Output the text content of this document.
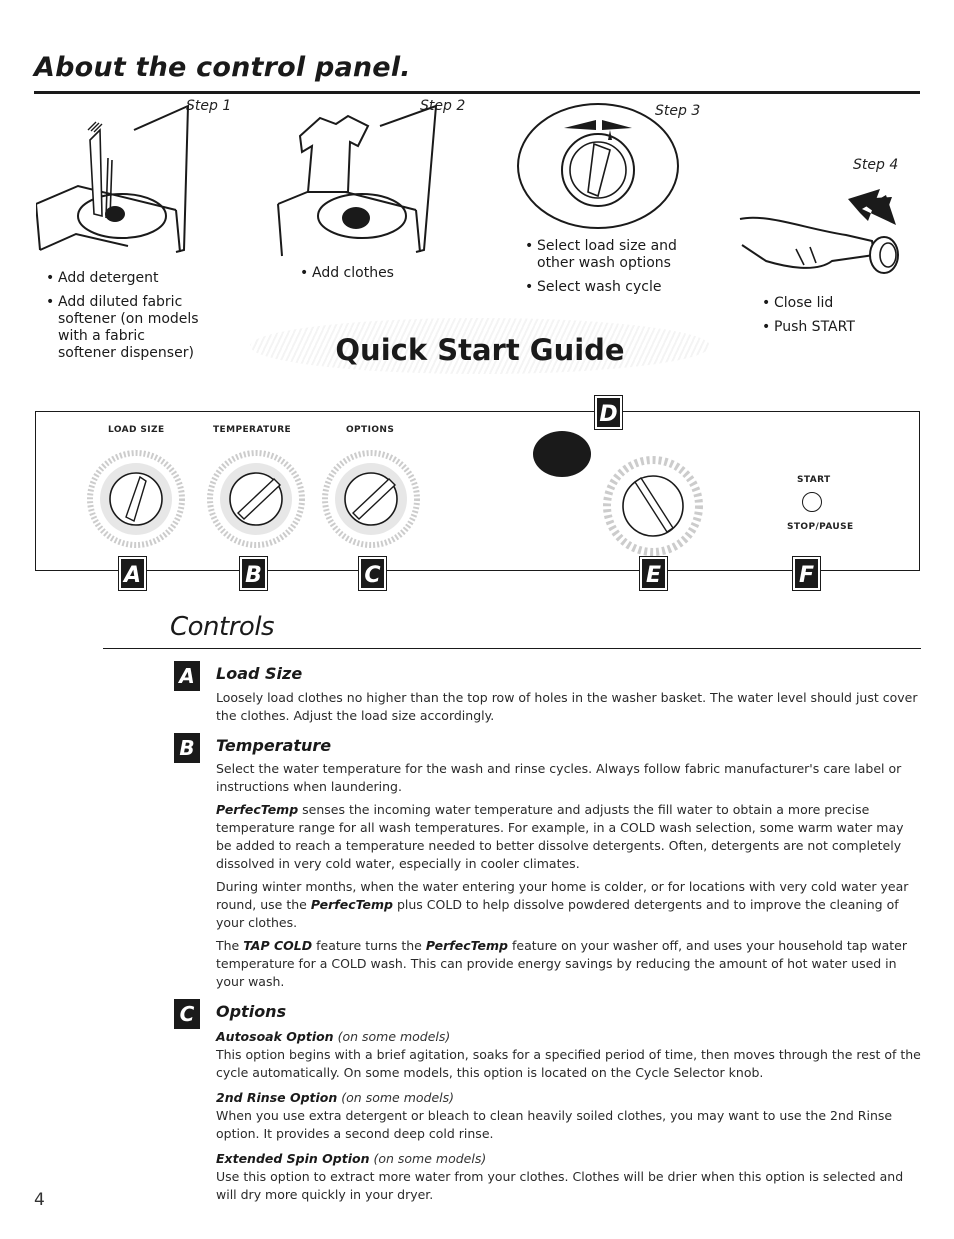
About the control panel.
Step 1
• Add detergent
• Add diluted fabric softener (on models with a fabric softener dispenser)
Step 2
• Add clothes
Step 3
• Select load size and other wash options
• Select wash cycle
Step 4
• Close lid
• Push START
Quick Start Guide
LOAD SIZE	TEMPERATURE	OPTIONS
START
STOP/PAUSE
D
A	B	C	E	F
Controls
A	Load Size

Loosely load clothes no higher than the top row of holes in the washer basket. The water level should just cover the clothes. Adjust the load size accordingly.

B	Temperature

Select the water temperature for the wash and rinse cycles. Always follow fabric manufacturer's care label or instructions when laundering.

PerfecTemp senses the incoming water temperature and adjusts the fill water to obtain a more precise temperature range for all wash temperatures. For example, in a COLD wash selection, some warm water may be added to reach a temperature needed to better dissolve detergents. Often, detergents are not completely dissolved in very cold water, especially in cooler climates.

During winter months, when the water entering your home is colder, or for locations with very cold water year round, use the PerfecTemp plus COLD to help dissolve powdered detergents and to improve the cleaning of your clothes.

The TAP COLD feature turns the PerfecTemp feature on your washer off, and uses your household tap water temperature for a COLD wash. This can provide energy savings by reducing the amount of hot water used in your wash.

C	Options
Autosoak Option (on some models)

This option begins with a brief agitation, soaks for a specified period of time, then moves through the rest of the cycle automatically. On some models, this option is located on the Cycle Selector knob.

2nd Rinse Option (on some models)

When you use extra detergent or bleach to clean heavily soiled clothes, you may want to use the 2nd Rinse option. It provides a second deep cold rinse.

Extended Spin Option (on some models)

Use this option to extract more water from your clothes. Clothes will be drier when this option is selected and will dry more quickly in your dryer.

4
